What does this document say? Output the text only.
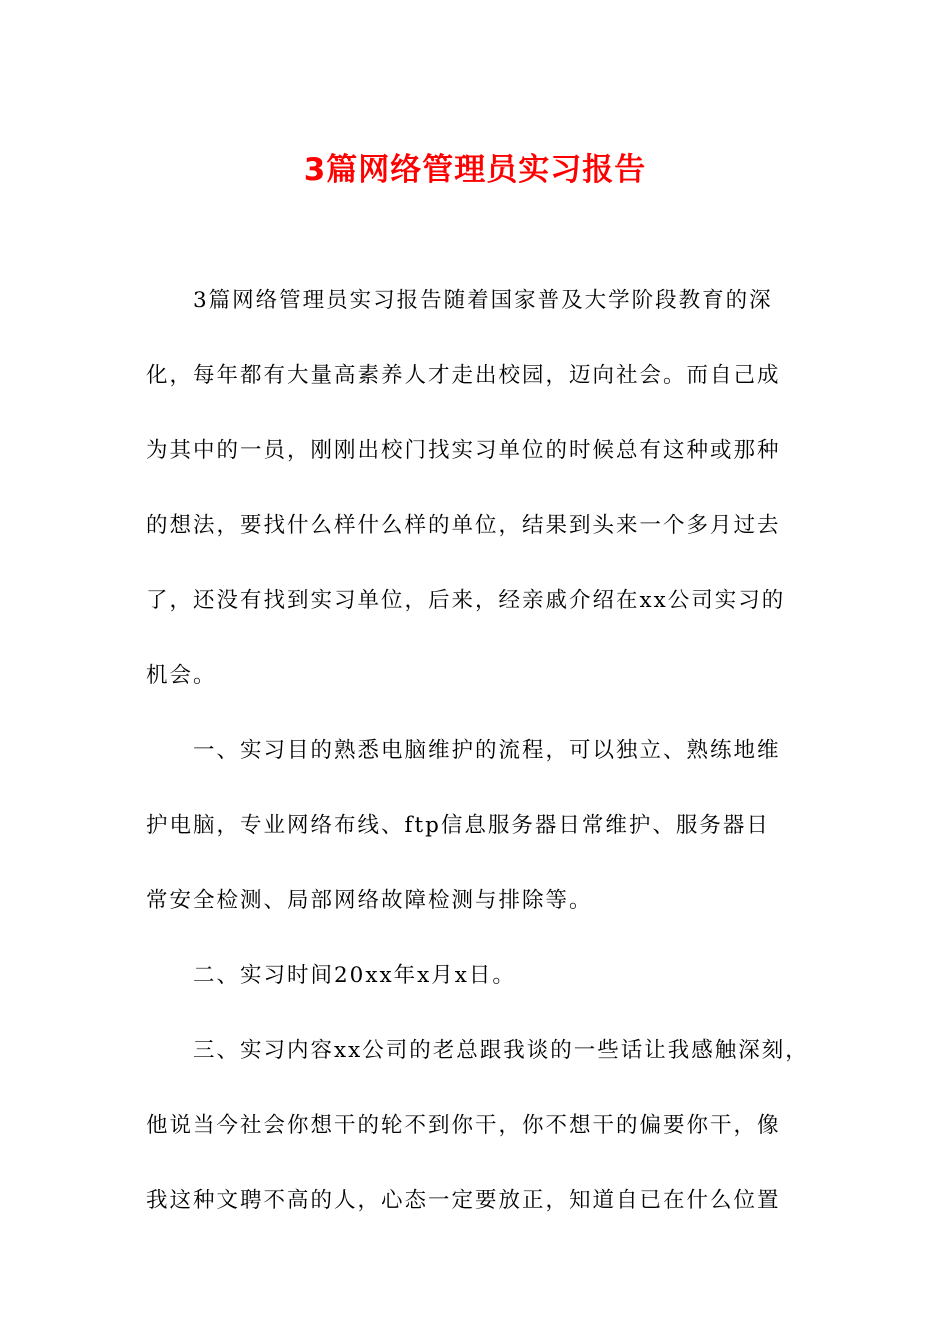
3篇网络管理员实习报告
3篇网络管理员实习报告随着国家普及大学阶段教育的深
化，每年都有大量高素养人才走出校园，迈向社会。而自己成
为其中的一员，刚刚出校门找实习单位的时候总有这种或那种
的想法，要找什么样什么样的单位，结果到头来一个多月过去
了，还没有找到实习单位，后来，经亲戚介绍在xx公司实习的
机会。
一、实习目的熟悉电脑维护的流程，可以独立、熟练地维
护电脑，专业网络布线、ftp信息服务器日常维护、服务器日
常安全检测、局部网络故障检测与排除等。
二、实习时间20xx年x月x日。
三、实习内容xx公司的老总跟我谈的一些话让我感触深刻，
他说当今社会你想干的轮不到你干，你不想干的偏要你干，像
我这种文聘不高的人，心态一定要放正，知道自已在什么位置
